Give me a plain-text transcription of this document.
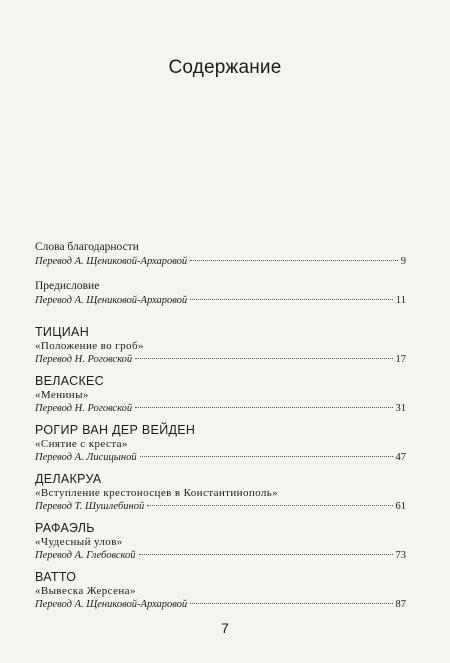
Содержание
Слова благодарности
Перевод А. Щениковой-Архаровой	9
Предисловие
Перевод А. Щениковой-Архаровой	11
ТИЦИАН
«Положение во гроб»
Перевод Н. Роговской	17
ВЕЛАСКЕС
«Менины»
Перевод Н. Роговской	31
РОГИР ВАН ДЕР ВЕЙДЕН
«Снятие с креста»
Перевод А. Лисицыной	47
ДЕЛАКРУА
«Вступление крестоносцев в Константинополь»
Перевод Т. Шушлебиной	61
РАФАЭЛЬ
«Чудесный улов»
Перевод А. Глебовской	73
ВАТТО
«Вывеска Жерсена»
Перевод А. Щениковой-Архаровой	87
7
